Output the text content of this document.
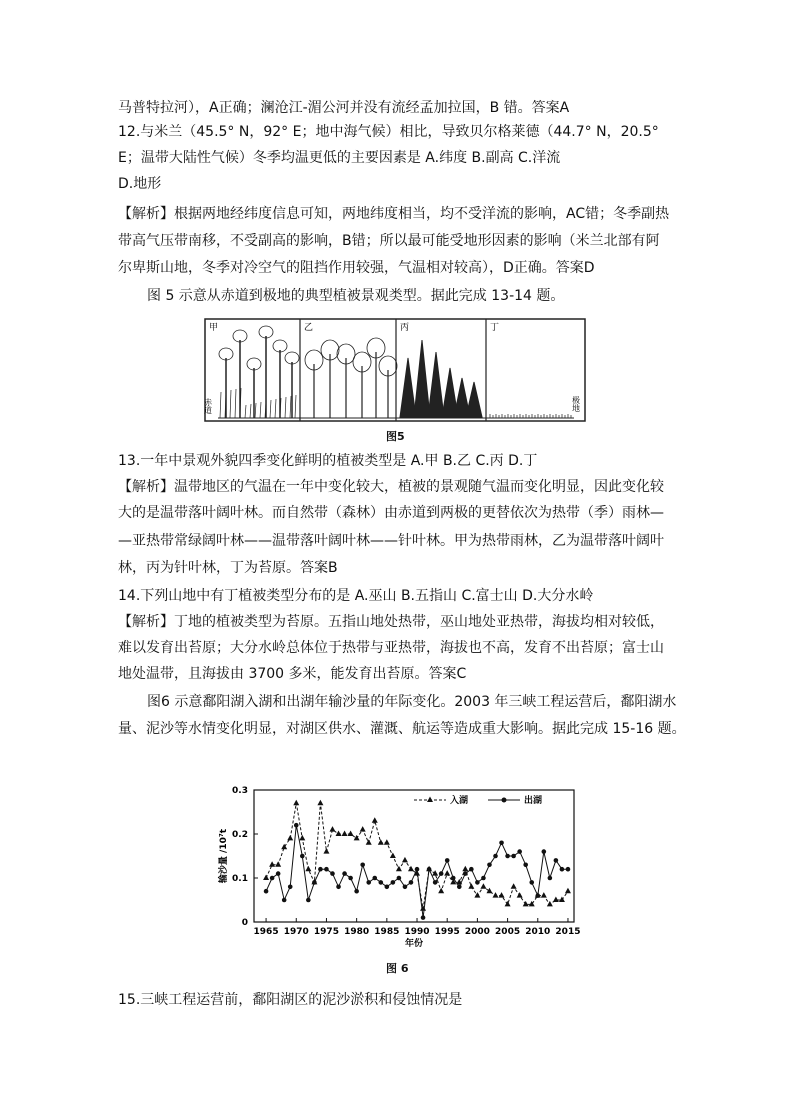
马普特拉河），A正确；澜沧江-湄公河并没有流经孟加拉国，B 错。答案A
12.与米兰（45.5° N，92° E；地中海气候）相比，导致贝尔格莱德（44.7° N，20.5°
E；温带大陆性气候）冬季均温更低的主要因素是 A.纬度 B.副高 C.洋流
D.地形
【解析】根据两地经纬度信息可知，两地纬度相当，均不受洋流的影响，AC错；冬季副热
带高气压带南移，不受副高的影响，B错；所以最可能受地形因素的影响（米兰北部有阿
尔卑斯山地，冬季对冷空气的阻挡作用较强，气温相对较高），D正确。答案D
图 5 示意从赤道到极地的典型植被景观类型。据此完成 13-14 题。
13.一年中景观外貌四季变化鲜明的植被类型是 A.甲 B.乙 C.丙 D.丁
【解析】温带地区的气温在一年中变化较大，植被的景观随气温而变化明显，因此变化较
大的是温带落叶阔叶林。而自然带（森林）由赤道到两极的更替依次为热带（季）雨林—
—亚热带常绿阔叶林——温带落叶阔叶林——针叶林。甲为热带雨林，乙为温带落叶阔叶
林，丙为针叶林，丁为苔原。答案B
14.下列山地中有丁植被类型分布的是 A.巫山 B.五指山 C.富士山 D.大分水岭
【解析】丁地的植被类型为苔原。五指山地处热带，巫山地处亚热带，海拔均相对较低，
难以发育出苔原；大分水岭总体位于热带与亚热带，海拔也不高，发育不出苔原；富士山
地处温带，且海拔由 3700 多米，能发育出苔原。答案C
图6 示意鄱阳湖入湖和出湖年输沙量的年际变化。2003 年三峡工程运营后，鄱阳湖水
量、泥沙等水情变化明显，对湖区供水、灌溉、航运等造成重大影响。据此完成 15-16 题。
15.三峡工程运营前，鄱阳湖区的泥沙淤积和侵蚀情况是
甲	乙	丙	丁
赤道	极地
图5
1965 1970 1975 1980 1985 1990 1995 2000 2005 2010 2015
0
0.1
0.2
0.3
年份
输沙量 /10⁷t
入湖	出湖
图 6
